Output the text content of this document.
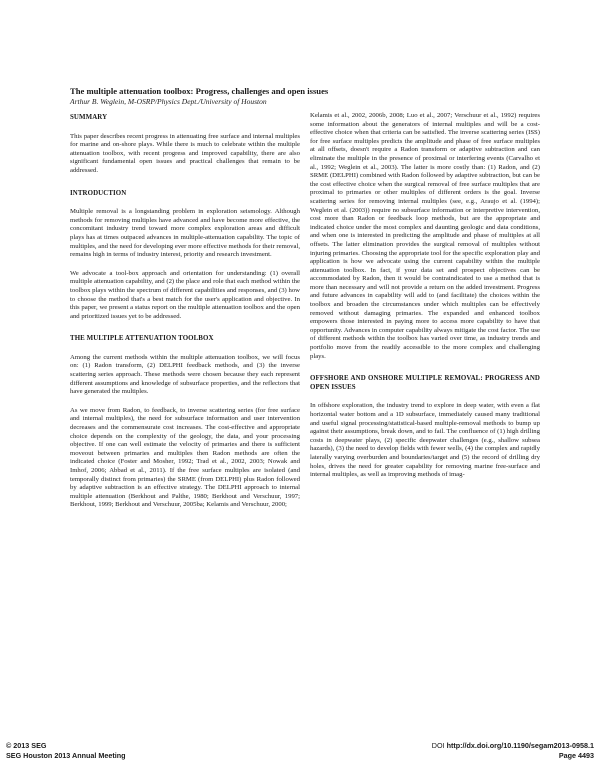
The multiple attenuation toolbox: Progress, challenges and open issues
Arthur B. Weglein, M-OSRP/Physics Dept./University of Houston
SUMMARY

This paper describes recent progress in attenuating free surface and internal multiples for marine and on-shore plays. While there is much to celebrate within the multiple attenuation toolbox, with recent progress and improved capability, there are also significant fundamental open issues and practical challenges that remain to be addressed.

INTRODUCTION

Multiple removal is a longstanding problem in exploration seismology. Although methods for removing multiples have advanced and have become more effective, the concomitant industry trend toward more complex exploration areas and difficult plays has at times outpaced advances in multiple-attenuation capability. The topic of multiples, and the need for developing ever more effective methods for their removal, remains high in terms of industry interest, priority and research investment.

We advocate a tool-box approach and orientation for understanding: (1) overall multiple attenuation capability, and (2) the place and role that each method within the toolbox plays within the spectrum of different capabilities and responses, and (3) how to choose the method that's a best match for the user's application and objective. In this paper, we present a status report on the multiple attenuation toolbox and the open and prioritized issues yet to be addressed.

THE MULTIPLE ATTENUATION TOOLBOX

Among the current methods within the multiple attenuation toolbox, we will focus on: (1) Radon transform, (2) DELPHI feedback methods, and (3) the inverse scattering series approach. These methods were chosen because they each represent different assumptions and knowledge of subsurface properties, and the reflectors that have generated the multiples.

As we move from Radon, to feedback, to inverse scattering series (for free surface and internal multiples), the need for subsurface information and user intervention decreases and the commensurate cost increases. The cost-effective and appropriate choice depends on the complexity of the geology, the data, and your processing objective. If one can well estimate the velocity of primaries and there is sufficient moveout between primaries and multiples then Radon methods are often the indicated choice (Foster and Mosher, 1992; Trad et al., 2002, 2003; Nowak and Imhof, 2006; Abbad et al., 2011). If the free surface multiples are isolated (and temporally distinct from primaries) the SRME (from DELPHI) plus Radon followed by adaptive subtraction is an effective strategy. The DELPHI approach to internal multiple attenuation (Berkhout and Palthe, 1980; Berkhout and Verschuur, 1997; Berkhout, 1999; Berkhout and Verschuur, 2005ba; Kelamis and Verschuur, 2000;

Kelamis et al., 2002, 2006b, 2008; Luo et al., 2007; Verschuur et al., 1992) requires some information about the generators of internal multiples and will be a cost-effective choice when that criteria can be satisfied. The inverse scattering series (ISS) for free surface multiples predicts the amplitude and phase of free surface multiples at all offsets, doesn't require a Radon transform or adaptive subtraction and can eliminate the multiple in the presence of proximal or interfering events (Carvalho et al., 1992; Weglein et al., 2003). The latter is more costly than: (1) Radon, and (2) SRME (DELPHI) combined with Radon followed by adaptive subtraction, but can be the cost effective choice when the surgical removal of free surface multiples that are proximal to primaries or other multiples of different orders is the goal. Inverse scattering series for removing internal multiples (see, e.g., Araujo et al. (1994); Weglein et al. (2003)) require no subsurface information or interpretive intervention, cost more than Radon or feedback loop methods, but are the appropriate and indicated choice under the most complex and daunting geologic and data conditions, and when one is interested in predicting the amplitude and phase of multiples at all offsets. The latter elimination provides the surgical removal of multiples without injuring primaries. Choosing the appropriate tool for the specific exploration play and application is how we advocate using the current capability within the multiple attenuation toolbox. In fact, if your data set and prospect objectives can be accommodated by Radon, then it would be contraindicated to use a method that is more than necessary and will not provide a return on the added investment. Progress and future advances in capability will add to (and facilitate) the choices within the toolbox and broaden the circumstances under which multiples can be effectively removed without damaging primaries. The expanded and enhanced toolbox empowers those interested in paying more to access more capability to have that opportunity. Advances in computer capability always mitigate the cost factor. The use of different methods within the toolbox has varied over time, as industry trends and portfolio move from the readily accessible to the more complex and challenging plays.

OFFSHORE AND ONSHORE MULTIPLE REMOVAL: PROGRESS AND OPEN ISSUES

In offshore exploration, the industry trend to explore in deep water, with even a flat horizontal water bottom and a 1D subsurface, immediately caused many traditional and useful signal processing/statistical-based multiple-removal methods to bump up against their assumptions, break down, and to fail. The confluence of (1) high drilling costs in deepwater plays, (2) specific deepwater challenges (e.g., shallow subsea hazards), (3) the need to develop fields with fewer wells, (4) the complex and rapidly laterally varying overburden and boundaries/target and (5) the record of drilling dry holes, drives the need for greater capability for removing marine free-surface and internal multiples, as well as improving methods of imag-

© 2013 SEG
SEG Houston 2013 Annual Meeting
DOI http://dx.doi.org/10.1190/segam2013-0958.1
Page 4493
